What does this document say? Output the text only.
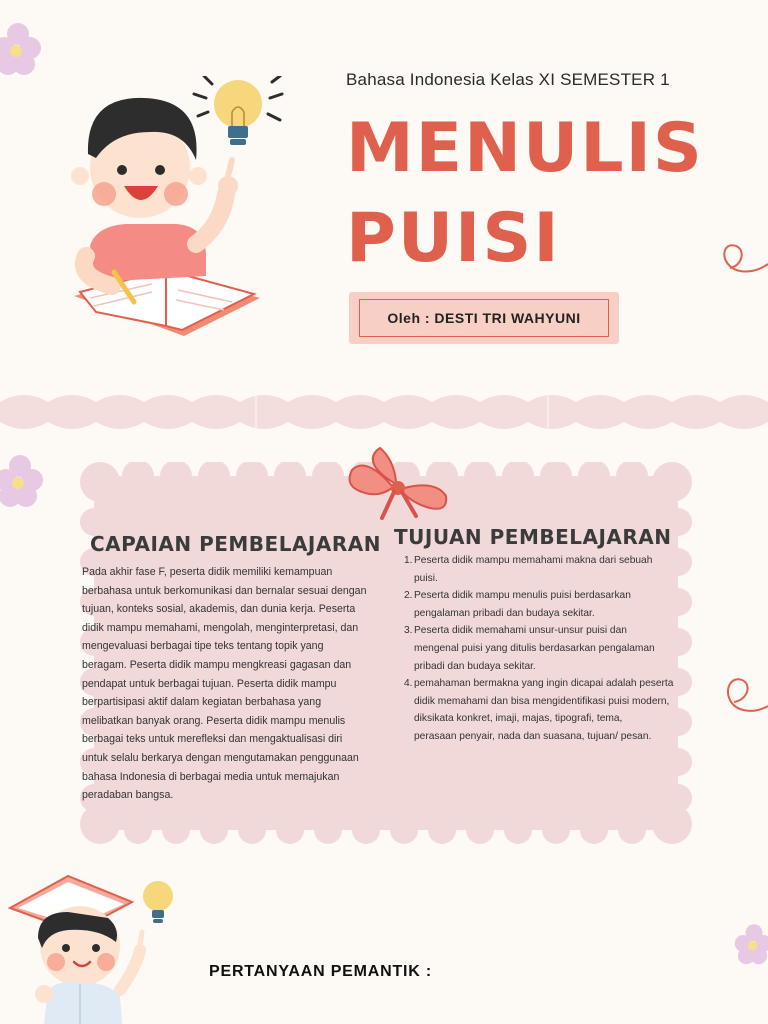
Bahasa Indonesia Kelas XI SEMESTER 1
MENULIS
PUISI
Oleh : DESTI TRI WAHYUNI
CAPAIAN PEMBELAJARAN TUJUAN PEMBELAJARAN
Pada akhir fase F, peserta didik memiliki kemampuan
berbahasa untuk berkomunikasi dan bernalar sesuai dengan
tujuan, konteks sosial, akademis, dan dunia kerja. Peserta
didik mampu memahami, mengolah, menginterpretasi, dan
mengevaluasi berbagai tipe teks tentang topik yang
beragam. Peserta didik mampu mengkreasi gagasan dan
pendapat untuk berbagai tujuan. Peserta didik mampu
berpartisipasi aktif dalam kegiatan berbahasa yang
melibatkan banyak orang. Peserta didik mampu menulis
berbagai teks untuk merefleksi dan mengaktualisasi diri
untuk selalu berkarya dengan mengutamakan penggunaan
bahasa Indonesia di berbagai media untuk memajukan
peradaban bangsa.
1. Peserta didik mampu memahami makna dari sebuah
puisi.
2. Peserta didik mampu menulis puisi berdasarkan
pengalaman pribadi dan budaya sekitar.
3. Peserta didik memahami unsur-unsur puisi dan
mengenal puisi yang ditulis berdasarkan pengalaman
pribadi dan budaya sekitar.
4. pemahaman bermakna yang ingin dicapai adalah peserta
didik memahami dan bisa mengidentifikasi puisi modern,
diksikata konkret, imaji, majas, tipografi, tema,
perasaan penyair, nada dan suasana, tujuan/ pesan.
PERTANYAAN PEMANTIK :
